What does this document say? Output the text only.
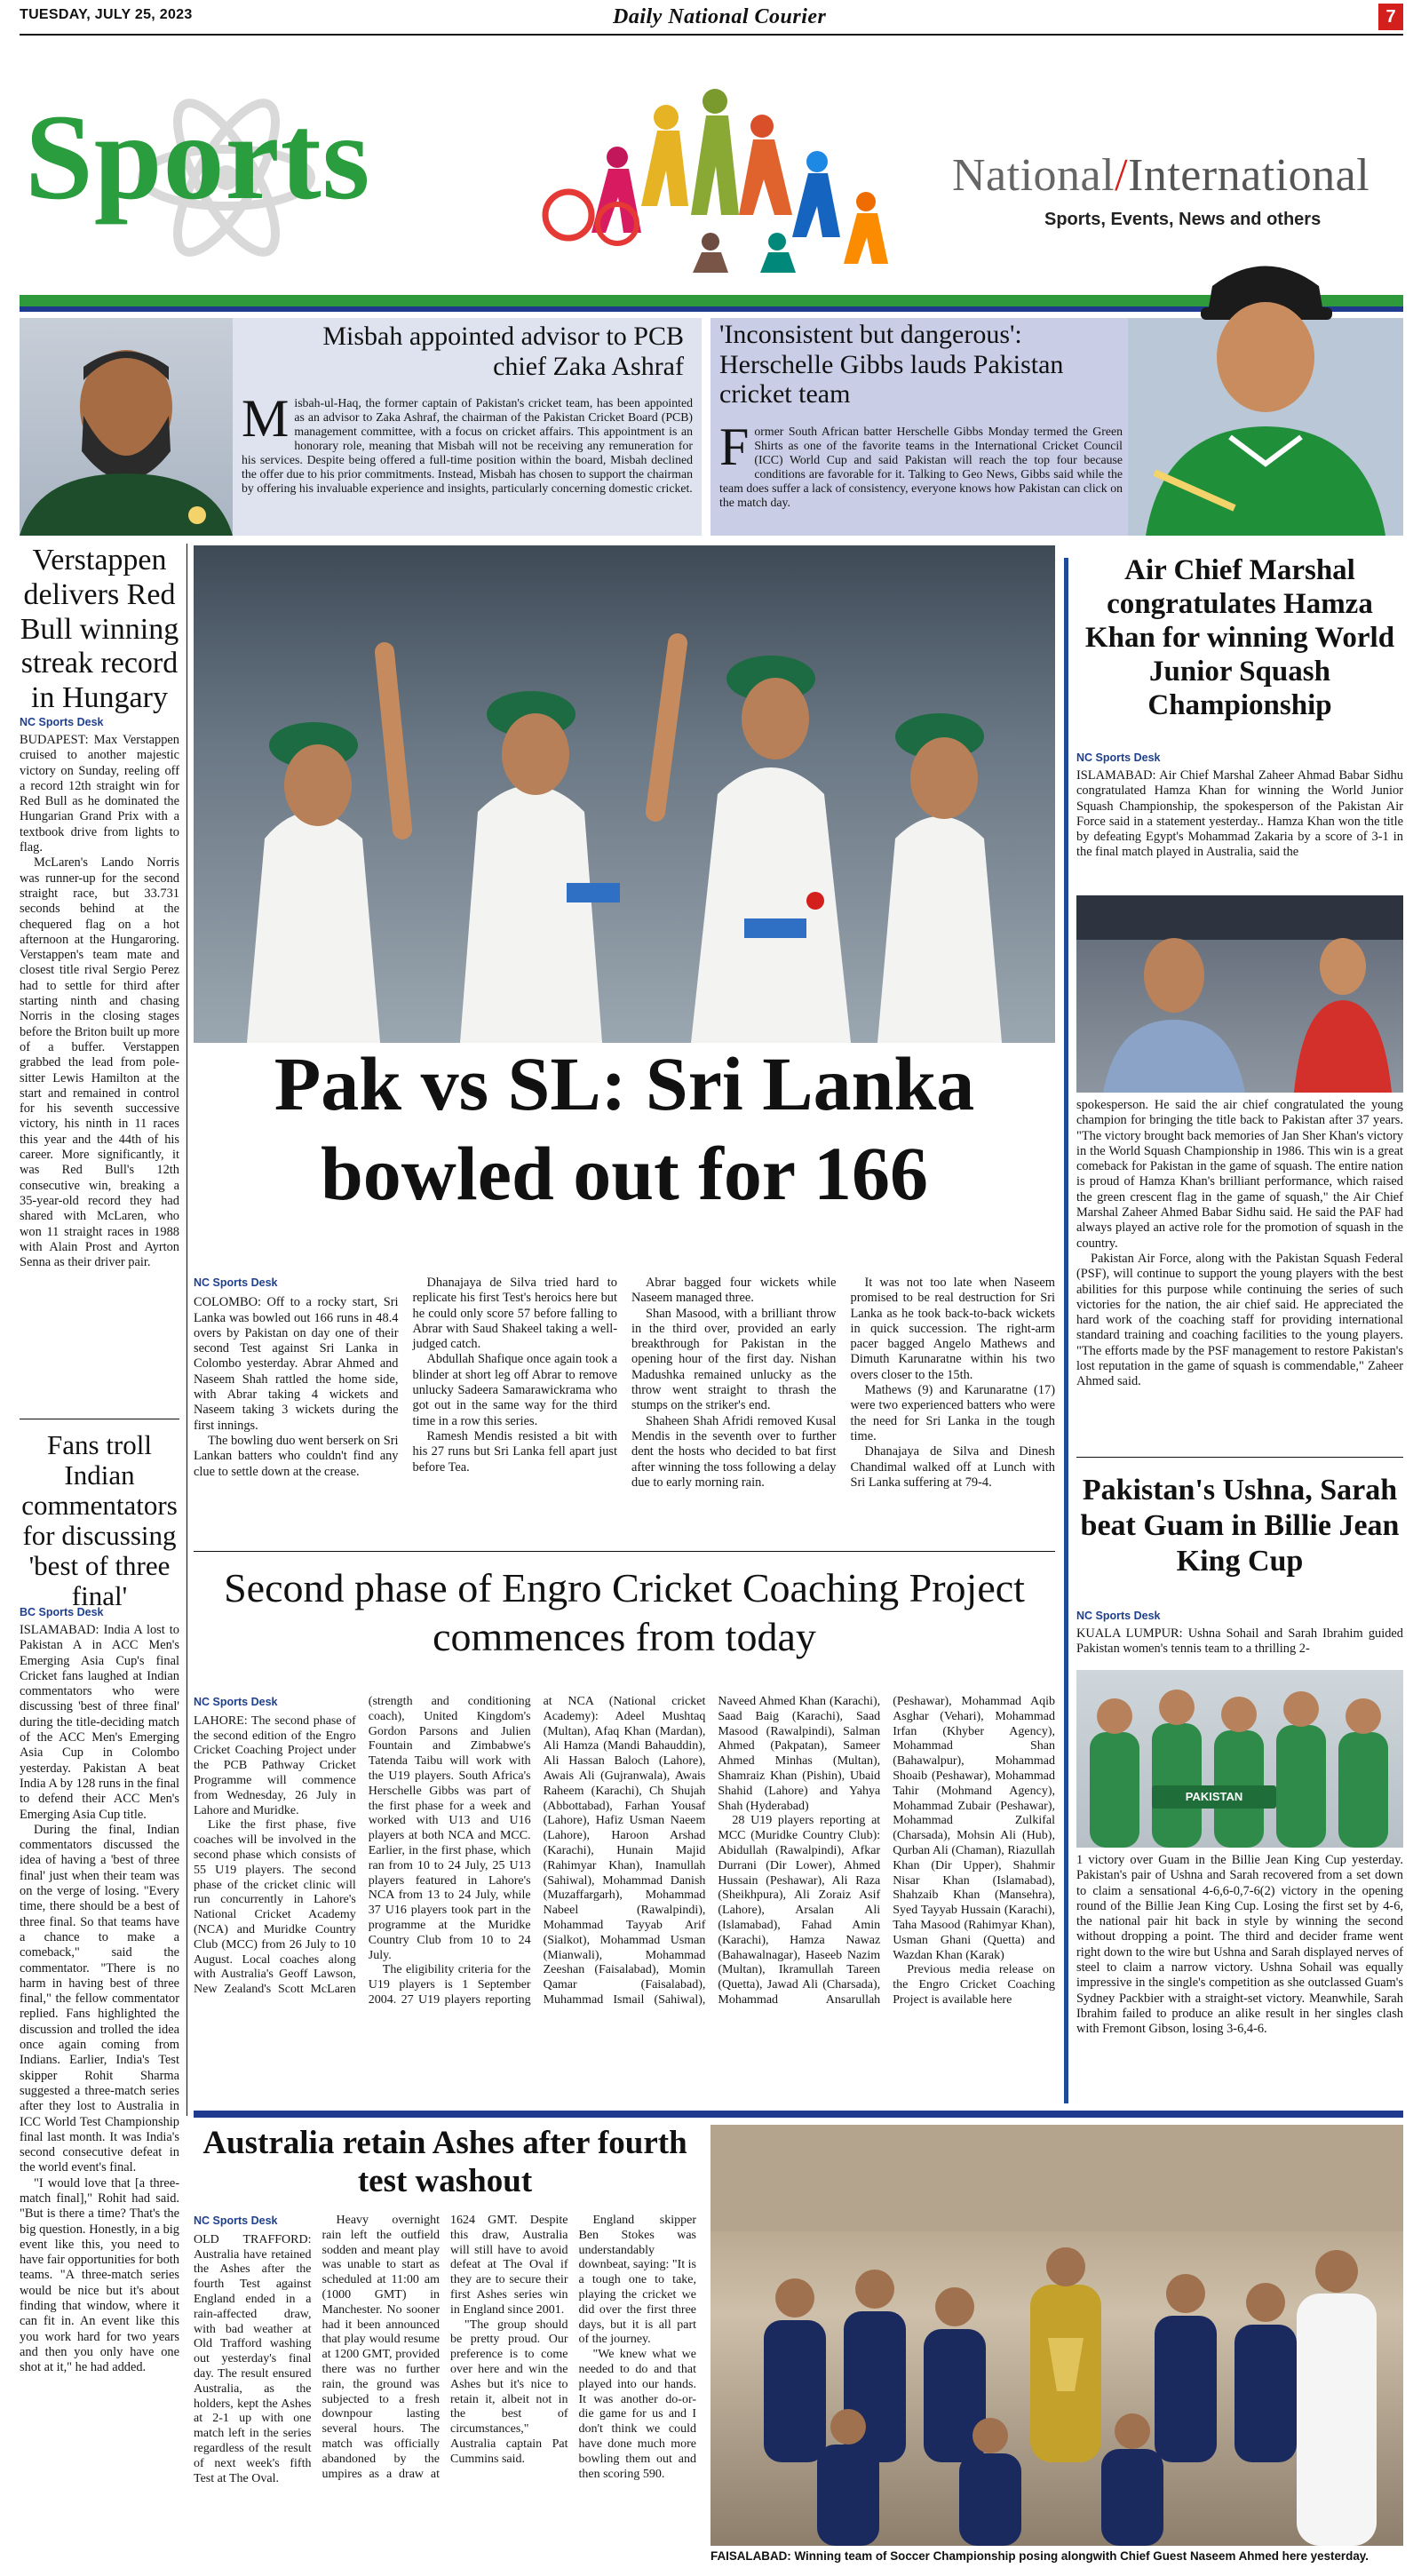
TUESDAY, JULY 25, 2023	Daily National Courier	7
Sports	National/International
Sports, Events, News and others
Misbah appointed advisor to PCB chief Zaka Ashraf
Misbah-ul-Haq, the former captain of Pakistan's cricket team, has been appointed as an advisor to Zaka Ashraf, the chairman of the Pakistan Cricket Board (PCB) management committee, with a focus on cricket affairs. This appointment is an honorary role, meaning that Misbah will not be receiving any remuneration for his services. Despite being offered a full-time position within the board, Misbah declined the offer due to his prior commitments. Instead, Misbah has chosen to support the chairman by offering his invaluable experience and insights, particularly concerning domestic cricket.
'Inconsistent but dangerous': Herschelle Gibbs lauds Pakistan cricket team
Former South African batter Herschelle Gibbs Monday termed the Green Shirts as one of the favorite teams in the International Cricket Council (ICC) World Cup and said Pakistan will reach the top four because conditions are favorable for it. Talking to Geo News, Gibbs said while the team does suffer a lack of consistency, everyone knows how Pakistan can click on the match day.
Verstappen delivers Red Bull winning streak record in Hungary
NC Sports Desk

BUDAPEST: Max Verstappen cruised to another majestic victory on Sunday, reeling off a record 12th straight win for Red Bull as he dominated the Hungarian Grand Prix with a textbook drive from lights to flag.

McLaren's Lando Norris was runner-up for the second straight race, but 33.731 seconds behind at the chequered flag on a hot afternoon at the Hungaroring. Verstappen's team mate and closest title rival Sergio Perez had to settle for third after starting ninth and chasing Norris in the closing stages before the Briton built up more of a buffer. Verstappen grabbed the lead from pole-sitter Lewis Hamilton at the start and remained in control for his seventh successive victory, his ninth in 11 races this year and the 44th of his career. More significantly, it was Red Bull's 12th consecutive win, breaking a 35-year-old record they had shared with McLaren, who won 11 straight races in 1988 with Alain Prost and Ayrton Senna as their driver pair.

Fans troll Indian commentators for discussing 'best of three final'
BC Sports Desk

ISLAMABAD: India A lost to Pakistan A in ACC Men's Emerging Asia Cup's final Cricket fans laughed at Indian commentators who were discussing 'best of three final' during the title-deciding match of the ACC Men's Emerging Asia Cup in Colombo yesterday. Pakistan A beat India A by 128 runs in the final to defend their ACC Men's Emerging Asia Cup title.

During the final, Indian commentators discussed the idea of having a 'best of three final' just when their team was on the verge of losing. "Every time, there should be a best of three final. So that teams have a chance to make a comeback," said the commentator. "There is no harm in having best of three final," the fellow commentator replied. Fans highlighted the discussion and trolled the idea once again coming from Indians. Earlier, India's Test skipper Rohit Sharma suggested a three-match series after they lost to Australia in ICC World Test Championship final last month. It was India's second consecutive defeat in the world event's final.

"I would love that [a three-match final]," Rohit had said. "But is there a time? That's the big question. Honestly, in a big event like this, you need to have fair opportunities for both teams. "A three-match series would be nice but it's about finding that window, where it can fit in. An event like this you work hard for two years and then you only have one shot at it," he had added.

Pak vs SL: Sri Lanka bowled out for 166
NC Sports Desk

COLOMBO: Off to a rocky start, Sri Lanka was bowled out 166 runs in 48.4 overs by Pakistan on day one of their second Test against Sri Lanka in Colombo yesterday. Abrar Ahmed and Naseem Shah rattled the home side, with Abrar taking 4 wickets and Naseem taking 3 wickets during the first innings.

The bowling duo went berserk on Sri Lankan batters who couldn't find any clue to settle down at the crease.

Dhanajaya de Silva tried hard to replicate his first Test's heroics here but he could only score 57 before falling to Abrar with Saud Shakeel taking a well-judged catch.

Abdullah Shafique once again took a blinder at short leg off Abrar to remove unlucky Sadeera Samarawickrama who got out in the same way for the third time in a row this series.

Ramesh Mendis resisted a bit with his 27 runs but Sri Lanka fell apart just before Tea.

Abrar bagged four wickets while Naseem managed three.

Shan Masood, with a brilliant throw in the third over, provided an early breakthrough for Pakistan in the opening hour of the first day. Nishan Madushka remained unlucky as the throw went straight to thrash the stumps on the striker's end.

Shaheen Shah Afridi removed Kusal Mendis in the seventh over to further dent the hosts who decided to bat first after winning the toss following a delay due to early morning rain.

It was not too late when Naseem promised to be real destruction for Sri Lanka as he took back-to-back wickets in quick succession. The right-arm pacer bagged Angelo Mathews and Dimuth Karunaratne within his two overs closer to the 15th.

Mathews (9) and Karunaratne (17) were two experienced batters who were the need for Sri Lanka in the tough time.

Dhanajaya de Silva and Dinesh Chandimal walked off at Lunch with Sri Lanka suffering at 79-4.

Second phase of Engro Cricket Coaching Project commences from today
NC Sports Desk

LAHORE: The second phase of the second edition of the Engro Cricket Coaching Project under the PCB Pathway Cricket Programme will commence from Wednesday, 26 July in Lahore and Muridke.

Like the first phase, five coaches will be involved in the second phase which consists of 55 U19 players. The second phase of the cricket clinic will run concurrently in Lahore's National Cricket Academy (NCA) and Muridke Country Club (MCC) from 26 July to 10 August. Local coaches along with Australia's Geoff Lawson, New Zealand's Scott McLaren (strength and conditioning coach), United Kingdom's Gordon Parsons and Julien Fountain and Zimbabwe's Tatenda Taibu will work with the U19 players. South Africa's Herschelle Gibbs was part of the first phase for a week and worked with U13 and U16 players at both NCA and MCC. Earlier, in the first phase, which ran from 10 to 24 July, 25 U13 players featured in Lahore's NCA from 13 to 24 July, while 37 U16 players took part in the programme at the Muridke Country Club from 10 to 24 July.

The eligibility criteria for the U19 players is 1 September 2004. 27 U19 players reporting at NCA (National cricket Academy): Adeel Mushtaq (Multan), Afaq Khan (Mardan), Ali Hamza (Mandi Bahauddin), Ali Hassan Baloch (Lahore), Awais Ali (Gujranwala), Awais Raheem (Karachi), Ch Shujah (Abbottabad), Farhan Yousaf (Lahore), Hafiz Usman Naeem (Lahore), Haroon Arshad (Karachi), Hunain Majid (Rahimyar Khan), Inamullah (Sahiwal), Mohammad Danish (Muzaffargarh), Mohammad Nabeel (Rawalpindi), Mohammad Tayyab Arif (Sialkot), Mohammad Usman (Mianwali), Mohammad Zeeshan (Faisalabad), Momin Qamar (Faisalabad), Muhammad Ismail (Sahiwal), Naveed Ahmed Khan (Karachi), Saad Baig (Karachi), Saad Masood (Rawalpindi), Salman Ahmed (Pakpatan), Sameer Ahmed Minhas (Multan), Shamraiz Khan (Pishin), Ubaid Shahid (Lahore) and Yahya Shah (Hyderabad)

28 U19 players reporting at MCC (Muridke Country Club): Abidullah (Rawalpindi), Afkar Durrani (Dir Lower), Ahmed Hussain (Peshawar), Ali Raza (Sheikhpura), Ali Zoraiz Asif (Lahore), Arsalan Ali (Islamabad), Fahad Amin (Karachi), Hamza Nawaz (Bahawalnagar), Haseeb Nazim (Multan), Ikramullah Tareen (Quetta), Jawad Ali (Charsada), Mohammad Ansarullah (Peshawar), Mohammad Aqib Asghar (Vehari), Mohammad Irfan (Khyber Agency), Mohammad Shan (Bahawalpur), Mohammad Shoaib (Peshawar), Mohammad Tahir (Mohmand Agency), Mohammad Zubair (Peshawar), Mohammad Zulkifal (Charsada), Mohsin Ali (Hub), Qurban Ali (Chaman), Riazullah Khan (Dir Upper), Shahmir Nisar Khan (Islamabad), Shahzaib Khan (Mansehra), Syed Tayyab Hussain (Karachi), Taha Masood (Rahimyar Khan), Usman Ghani (Quetta) and Wazdan Khan (Karak)

Previous media release on the Engro Cricket Coaching Project is available here

Air Chief Marshal congratulates Hamza Khan for winning World Junior Squash Championship
NC Sports Desk

ISLAMABAD: Air Chief Marshal Zaheer Ahmad Babar Sidhu congratulated Hamza Khan for winning the World Junior Squash Championship, the spokesperson of the Pakistan Air Force said in a statement yesterday.. Hamza Khan won the title by defeating Egypt's Mohammad Zakaria by a score of 3-1 in the final match played in Australia, said the

spokesperson. He said the air chief congratulated the young champion for bringing the title back to Pakistan after 37 years. "The victory brought back memories of Jan Sher Khan's victory in the World Squash Championship in 1986. This win is a great comeback for Pakistan in the game of squash. The entire nation is proud of Hamza Khan's brilliant performance, which raised the green crescent flag in the game of squash," the Air Chief Marshal Zaheer Ahmed Babar Sidhu said. He said the PAF had always played an active role for the promotion of squash in the country.

Pakistan Air Force, along with the Pakistan Squash Federal (PSF), will continue to support the young players with the best abilities for this purpose while continuing the series of such victories for the nation, the air chief said. He appreciated the hard work of the coaching staff for providing international standard training and coaching facilities to the young players. "The efforts made by the PSF management to restore Pakistan's lost reputation in the game of squash is commendable," Zaheer Ahmed said.

Pakistan's Ushna, Sarah beat Guam in Billie Jean King Cup
NC Sports Desk

KUALA LUMPUR: Ushna Sohail and Sarah Ibrahim guided Pakistan women's tennis team to a thrilling 2-

PAKISTAN

1 victory over Guam in the Billie Jean King Cup yesterday. Pakistan's pair of Ushna and Sarah recovered from a set down to claim a sensational 4-6,6-0,7-6(2) victory in the opening round of the Billie Jean King Cup. Losing the first set by 4-6, the national pair hit back in style by winning the second without dropping a point. The third and decider frame went right down to the wire but Ushna and Sarah displayed nerves of steel to claim a narrow victory. Ushna Sohail was equally impressive in the single's competition as she outclassed Guam's Sydney Packbier with a straight-set victory. Meanwhile, Sarah Ibrahim failed to produce an alike result in her singles clash with Fremont Gibson, losing 3-6,4-6.

Australia retain Ashes after fourth test washout
NC Sports Desk

OLD TRAFFORD: Australia have retained the Ashes after the fourth Test against England ended in a rain-affected draw, with bad weather at Old Trafford washing out yesterday's final day. The result ensured Australia, as the holders, kept the Ashes at 2-1 up with one match left in the series regardless of the result of next week's fifth Test at The Oval.

Heavy overnight rain left the outfield sodden and meant play was unable to start as scheduled at 11:00 am (1000 GMT) in Manchester. No sooner had it been announced that play would resume at 1200 GMT, provided there was no further rain, the ground was subjected to a fresh downpour lasting several hours. The match was officially abandoned by the umpires as a draw at 1624 GMT. Despite this draw, Australia will still have to avoid defeat at The Oval if they are to secure their first Ashes series win in England since 2001.

"The group should be pretty proud. Our preference is to come over here and win the Ashes but it's nice to retain it, albeit not in the best of circumstances," Australia captain Pat Cummins said.

England skipper Ben Stokes was understandably downbeat, saying: "It is a tough one to take, playing the cricket we did over the first three days, but it is all part of the journey.

"We knew what we needed to do and that played into our hands. It was another do-or-die game for us and I don't think we could have done much more bowling them out and then scoring 590.

FAISALABAD: Winning team of Soccer Championship posing alongwith Chief Guest Naseem Ahmed here yesterday.
